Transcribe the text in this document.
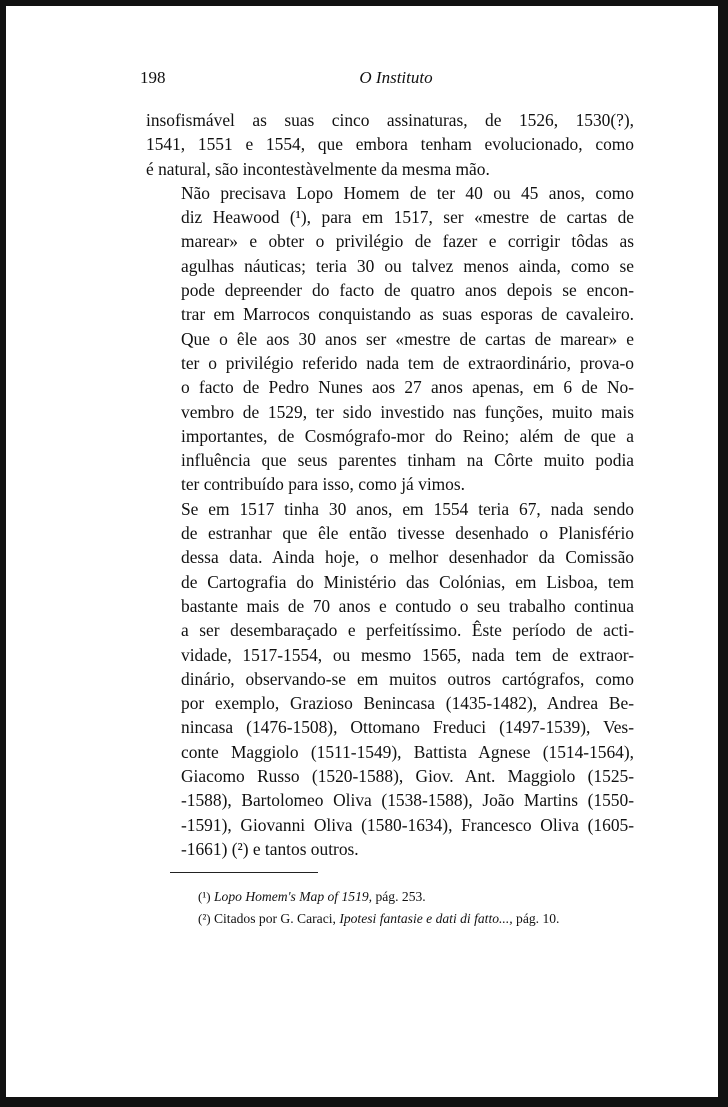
198	O Instituto

insofismável as suas cinco assinaturas, de 1526, 1530(?),
1541, 1551 e 1554, que embora tenham evolucionado, como
é natural, são incontestàvelmente da mesma mão.

Não precisava Lopo Homem de ter 40 ou 45 anos, como
diz Heawood (¹), para em 1517, ser «mestre de cartas de
marear» e obter o privilégio de fazer e corrigir tôdas as
agulhas náuticas; teria 30 ou talvez menos ainda, como se
pode depreender do facto de quatro anos depois se encon-
trar em Marrocos conquistando as suas esporas de cavaleiro.
Que o êle aos 30 anos ser «mestre de cartas de marear» e
ter o privilégio referido nada tem de extraordinário, prova-o
o facto de Pedro Nunes aos 27 anos apenas, em 6 de No-
vembro de 1529, ter sido investido nas funções, muito mais
importantes, de Cosmógrafo-mor do Reino; além de que a
influência que seus parentes tinham na Côrte muito podia
ter contribuído para isso, como já vimos.

Se em 1517 tinha 30 anos, em 1554 teria 67, nada sendo
de estranhar que êle então tivesse desenhado o Planisfério
dessa data. Ainda hoje, o melhor desenhador da Comissão
de Cartografia do Ministério das Colónias, em Lisboa, tem
bastante mais de 70 anos e contudo o seu trabalho continua
a ser desembaraçado e perfeitíssimo. Êste período de acti-
vidade, 1517-1554, ou mesmo 1565, nada tem de extraor-
dinário, observando-se em muitos outros cartógrafos, como
por exemplo, Grazioso Benincasa (1435-1482), Andrea Be-
nincasa (1476-1508), Ottomano Freduci (1497-1539), Ves-
conte Maggiolo (1511-1549), Battista Agnese (1514-1564),
Giacomo Russo (1520-1588), Giov. Ant. Maggiolo (1525-
-1588), Bartolomeo Oliva (1538-1588), João Martins (1550-
-1591), Giovanni Oliva (1580-1634), Francesco Oliva (1605-
-1661) (²) e tantos outros.

(¹) Lopo Homem's Map of 1519, pág. 253.
(²) Citados por G. Caraci, Ipotesi fantasie e dati di fatto..., pág. 10.
